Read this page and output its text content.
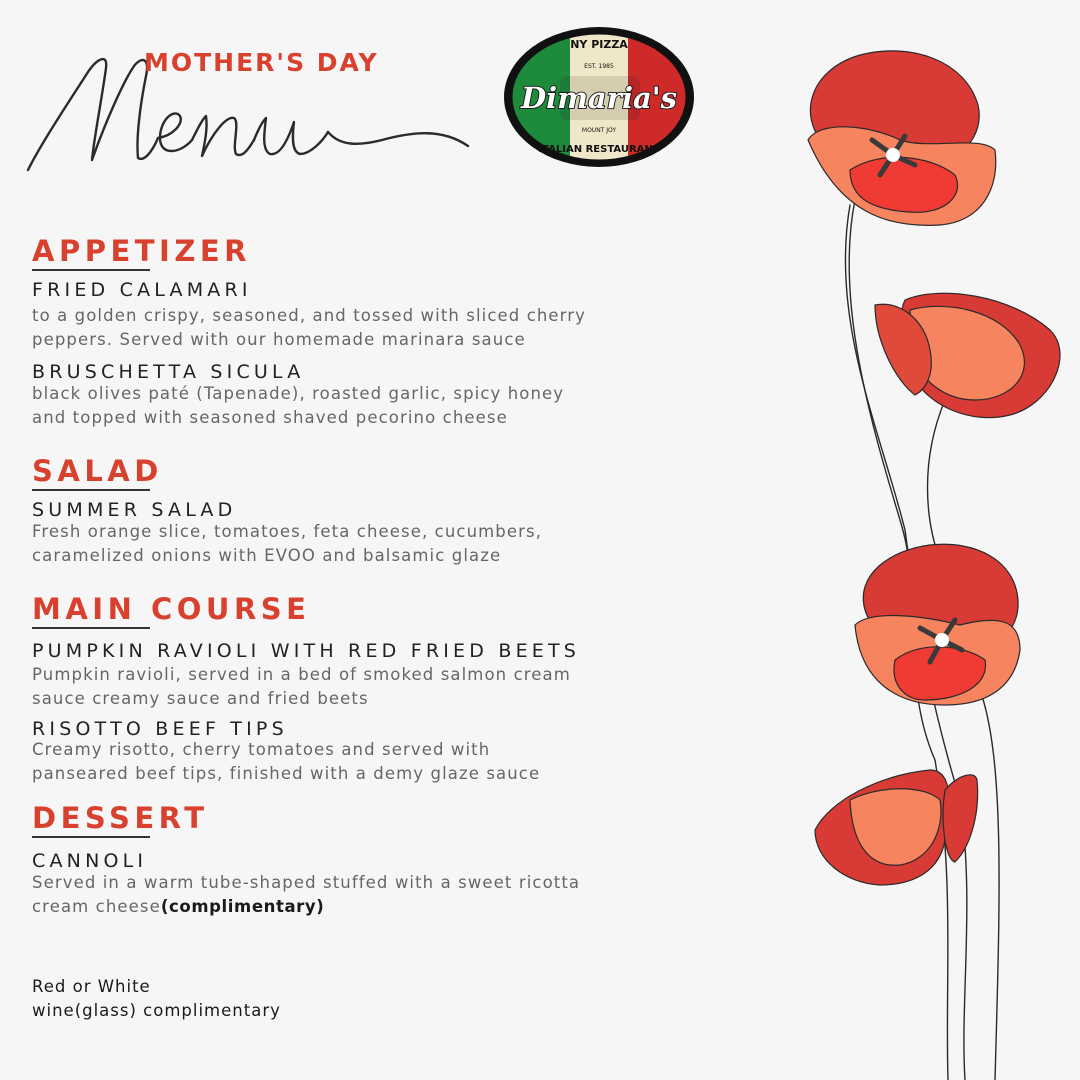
MOTHER'S DAY
NY PIZZA
EST. 1985
Dimaria's
MOUNT JOY
ITALIAN RESTAURANT
APPETIZER
FRIED CALAMARI
to a golden crispy, seasoned, and tossed with sliced cherry
peppers. Served with our homemade marinara sauce
BRUSCHETTA SICULA
black olives paté (Tapenade), roasted garlic, spicy honey
and topped with seasoned shaved pecorino cheese
SALAD
SUMMER SALAD
Fresh orange slice, tomatoes, feta cheese, cucumbers,
caramelized onions with EVOO and balsamic glaze
MAIN COURSE
PUMPKIN RAVIOLI WITH RED FRIED BEETS
Pumpkin ravioli, served in a bed of smoked salmon cream
sauce creamy sauce and fried beets
RISOTTO BEEF TIPS
Creamy risotto, cherry tomatoes and served with
panseared beef tips, finished with a demy glaze sauce
DESSERT
CANNOLI
Served in a warm tube-shaped stuffed with a sweet ricotta
cream cheese(complimentary)
Red or White
wine(glass) complimentary
